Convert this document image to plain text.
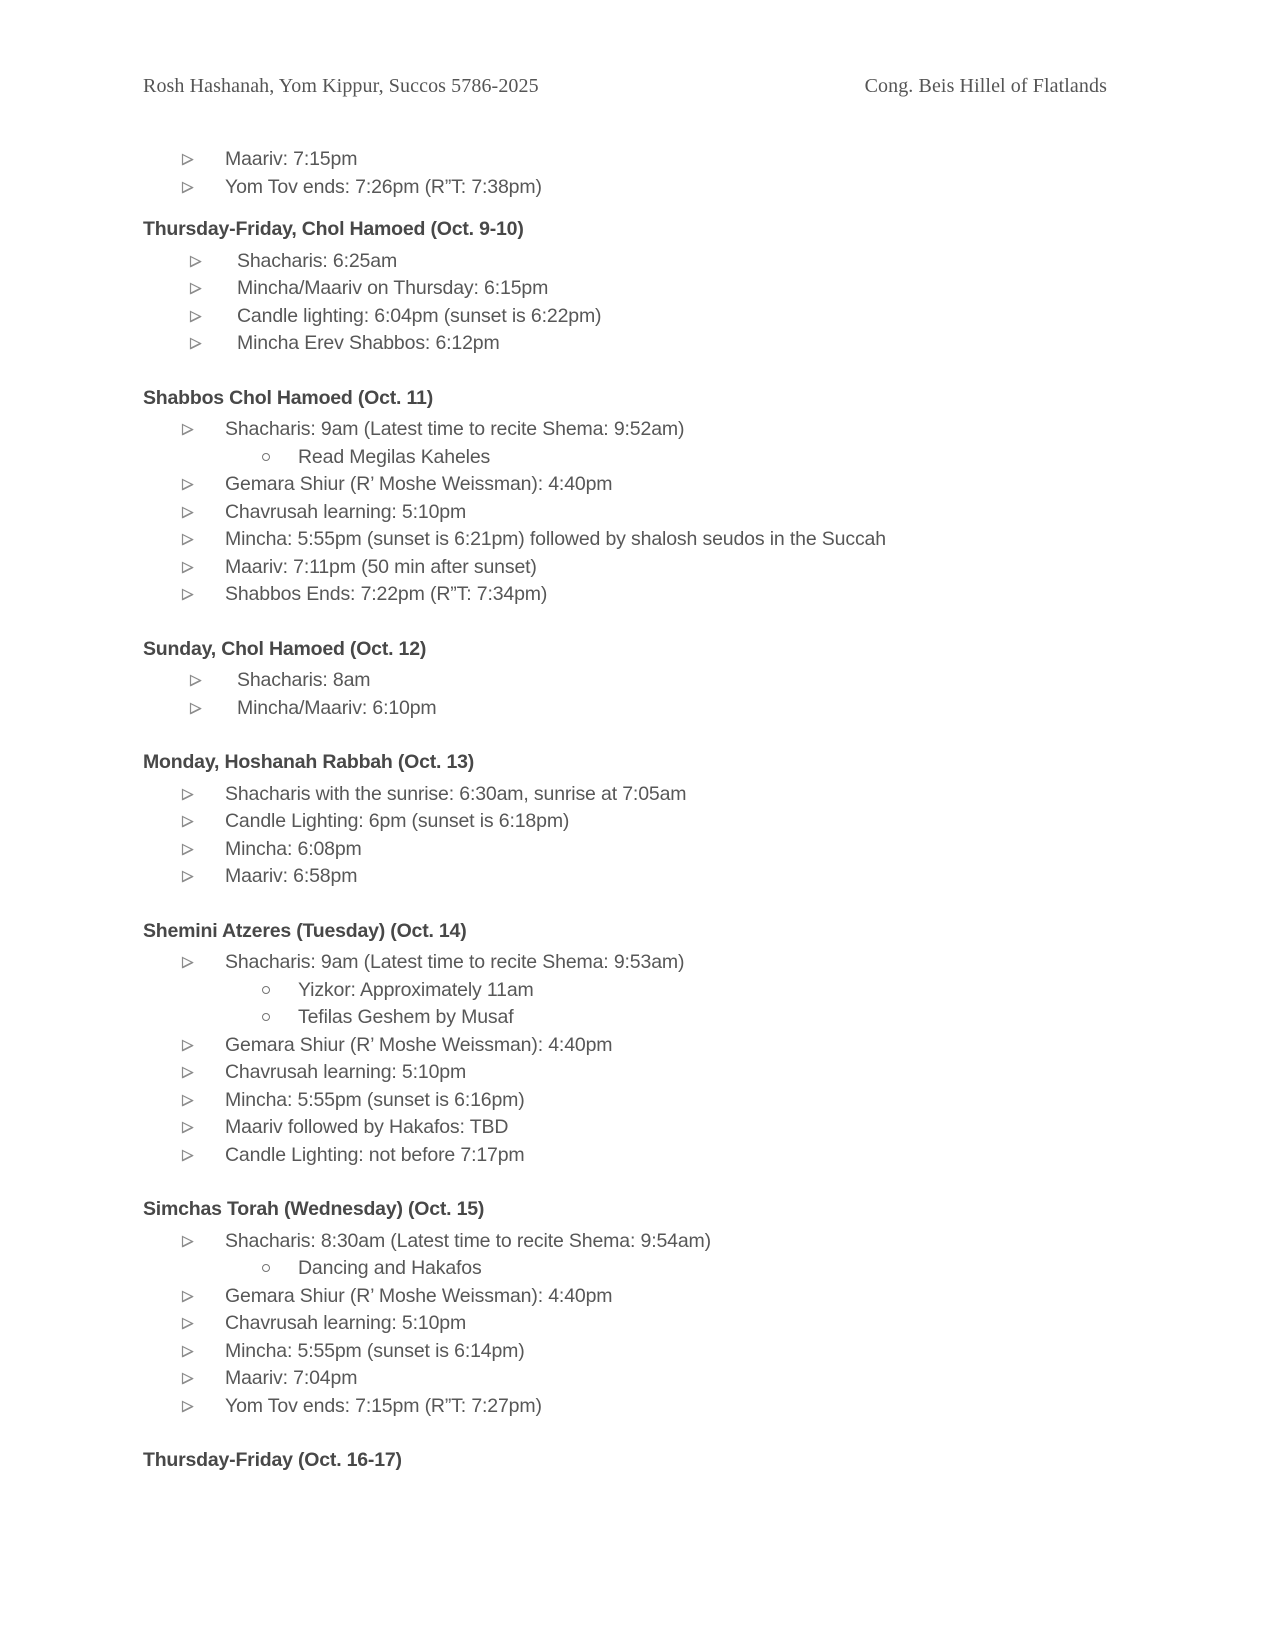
Rosh Hashanah, Yom Kippur, Succos 5786-2025	Cong. Beis Hillel of Flatlands
Maariv: 7:15pm
Yom Tov ends: 7:26pm (R”T: 7:38pm)
Thursday-Friday, Chol Hamoed (Oct. 9-10)
Shacharis: 6:25am
Mincha/Maariv on Thursday: 6:15pm
Candle lighting: 6:04pm (sunset is 6:22pm)
Mincha Erev Shabbos: 6:12pm
Shabbos Chol Hamoed (Oct. 11)
Shacharis: 9am (Latest time to recite Shema: 9:52am)
Read Megilas Kaheles
Gemara Shiur (R’ Moshe Weissman): 4:40pm
Chavrusah learning: 5:10pm
Mincha: 5:55pm (sunset is 6:21pm) followed by shalosh seudos in the Succah
Maariv: 7:11pm (50 min after sunset)
Shabbos Ends: 7:22pm (R”T: 7:34pm)
Sunday, Chol Hamoed (Oct. 12)
Shacharis: 8am
Mincha/Maariv: 6:10pm
Monday, Hoshanah Rabbah (Oct. 13)
Shacharis with the sunrise: 6:30am, sunrise at 7:05am
Candle Lighting: 6pm (sunset is 6:18pm)
Mincha: 6:08pm
Maariv: 6:58pm
Shemini Atzeres (Tuesday) (Oct. 14)
Shacharis: 9am (Latest time to recite Shema: 9:53am)
Yizkor: Approximately 11am
Tefilas Geshem by Musaf
Gemara Shiur (R’ Moshe Weissman): 4:40pm
Chavrusah learning: 5:10pm
Mincha: 5:55pm (sunset is 6:16pm)
Maariv followed by Hakafos: TBD
Candle Lighting: not before 7:17pm
Simchas Torah (Wednesday) (Oct. 15)
Shacharis: 8:30am (Latest time to recite Shema: 9:54am)
Dancing and Hakafos
Gemara Shiur (R’ Moshe Weissman): 4:40pm
Chavrusah learning: 5:10pm
Mincha: 5:55pm (sunset is 6:14pm)
Maariv: 7:04pm
Yom Tov ends: 7:15pm (R”T: 7:27pm)
Thursday-Friday (Oct. 16-17)
